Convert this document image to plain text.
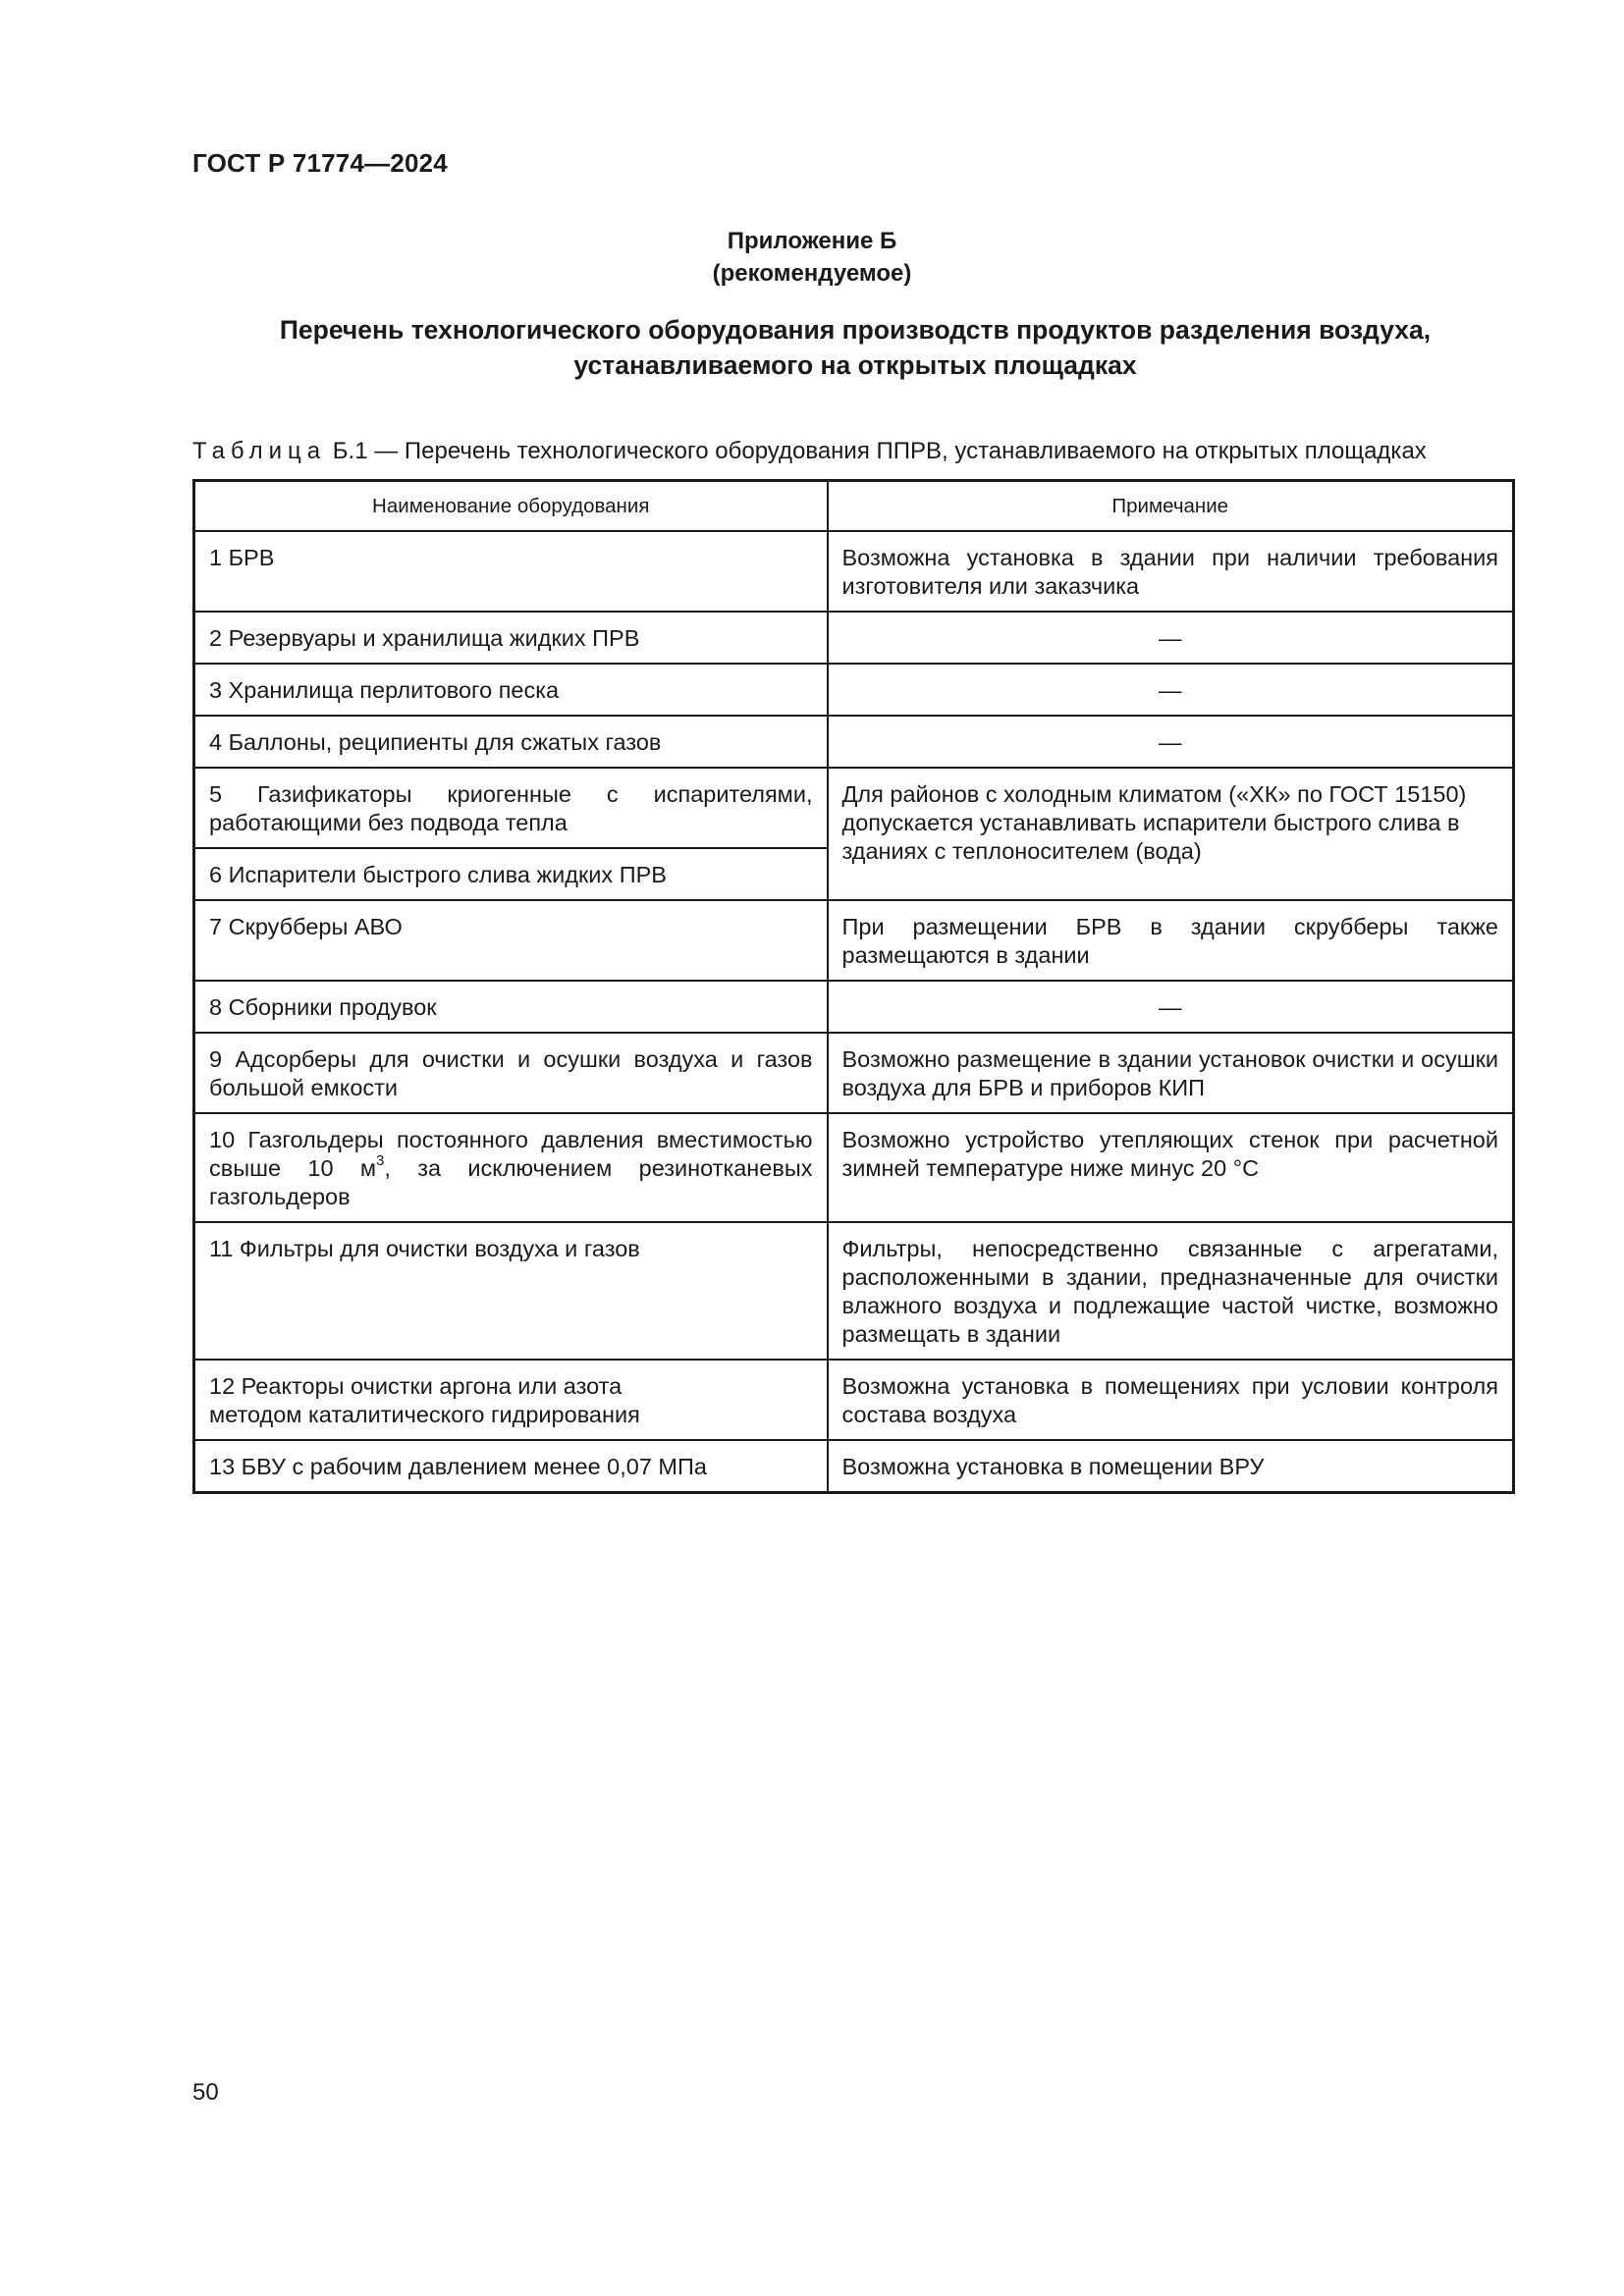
ГОСТ Р 71774—2024
Приложение Б
(рекомендуемое)
Перечень технологического оборудования производств продуктов разделения воздуха,
устанавливаемого на открытых площадках
Таблица Б.1 — Перечень технологического оборудования ППРВ, устанавливаемого на открытых площадках
Наименование оборудования	Примечание
1 БРВ	Возможна установка в здании при наличии требования изготовителя или заказчика
2 Резервуары и хранилища жидких ПРВ	—
3 Хранилища перлитового песка	—
4 Баллоны, реципиенты для сжатых газов	—
5 Газификаторы криогенные с испарителями, работающими без подвода тепла	Для районов с холодным климатом («ХК» по ГОСТ 15150) допускается устанавливать испарители быстрого слива в зданиях с теплоносителем (вода)
6 Испарители быстрого слива жидких ПРВ	
7 Скрубберы АВО	При размещении БРВ в здании скрубберы также размещаются в здании
8 Сборники продувок	—
9 Адсорберы для очистки и осушки воздуха и газов большой емкости	Возможно размещение в здании установок очистки и осушки воздуха для БРВ и приборов КИП
10 Газгольдеры постоянного давления вместимостью свыше 10 $м^3$, за исключением резинотканевых газгольдеров	Возможно устройство утепляющих стенок при расчетной зимней температуре ниже минус 20 °С
11 Фильтры для очистки воздуха и газов	Фильтры, непосредственно связанные с агрегатами, расположенными в здании, предназначенные для очистки влажного воздуха и подлежащие частой чистке, возможно размещать в здании

12 Реакторы очистки аргона или азота
методом каталитического гидрирования	Возможна установка в помещениях при условии контроля состава воздуха
13 БВУ с рабочим давлением менее 0,07 МПа	Возможна установка в помещении ВРУ
50
